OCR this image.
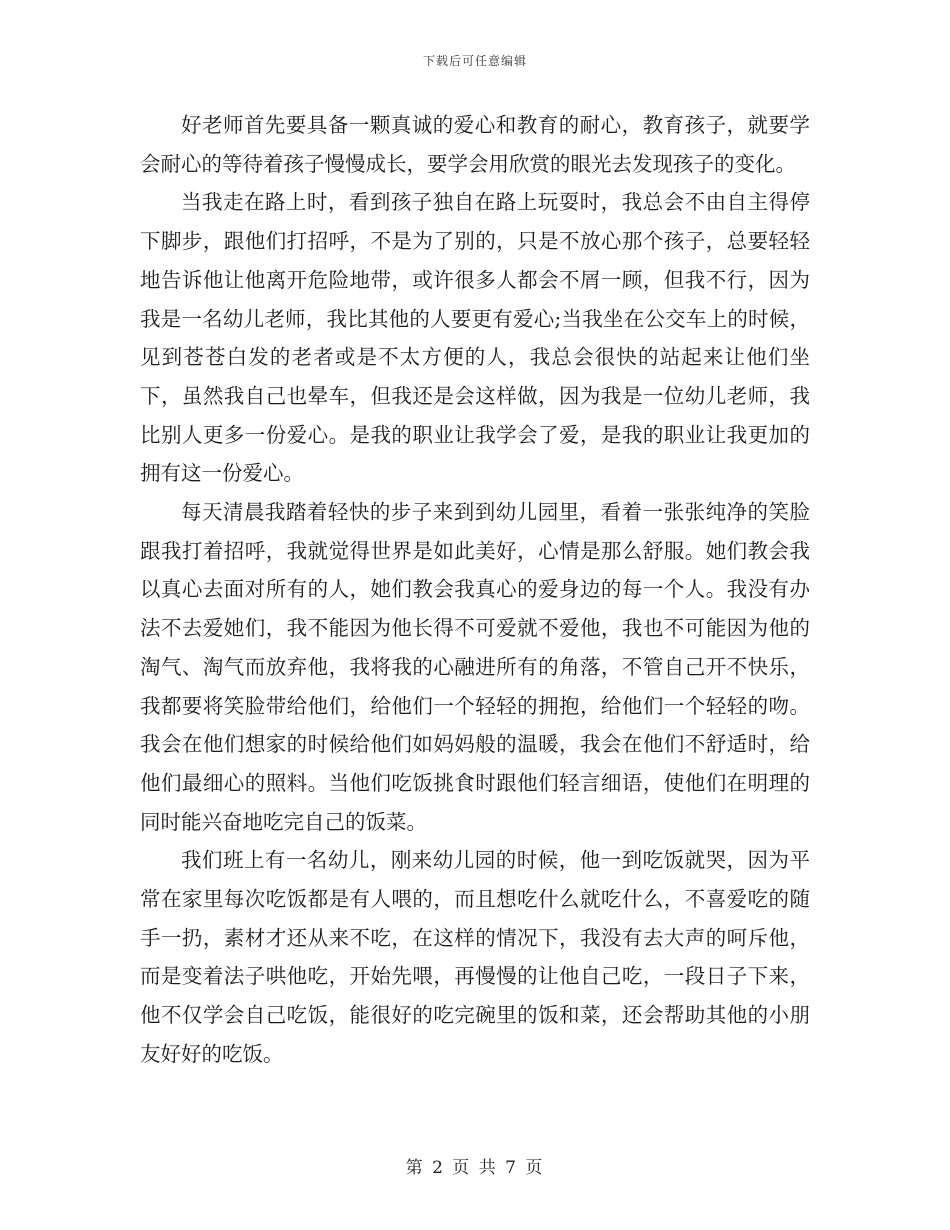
下载后可任意编辑

好老师首先要具备一颗真诚的爱心和教育的耐心，教育孩子，就要学会耐心的等待着孩子慢慢成长，要学会用欣赏的眼光去发现孩子的变化。

当我走在路上时，看到孩子独自在路上玩耍时，我总会不由自主得停下脚步，跟他们打招呼，不是为了别的，只是不放心那个孩子，总要轻轻地告诉他让他离开危险地带，或许很多人都会不屑一顾，但我不行，因为我是一名幼儿老师，我比其他的人要更有爱心;当我坐在公交车上的时候，见到苍苍白发的老者或是不太方便的人，我总会很快的站起来让他们坐下，虽然我自己也晕车，但我还是会这样做，因为我是一位幼儿老师，我比别人更多一份爱心。是我的职业让我学会了爱，是我的职业让我更加的拥有这一份爱心。

每天清晨我踏着轻快的步子来到到幼儿园里，看着一张张纯净的笑脸跟我打着招呼，我就觉得世界是如此美好，心情是那么舒服。她们教会我以真心去面对所有的人，她们教会我真心的爱身边的每一个人。我没有办法不去爱她们，我不能因为他长得不可爱就不爱他，我也不可能因为他的淘气、淘气而放弃他，我将我的心融进所有的角落，不管自己开不快乐，我都要将笑脸带给他们，给他们一个轻轻的拥抱，给他们一个轻轻的吻。我会在他们想家的时候给他们如妈妈般的温暖，我会在他们不舒适时，给他们最细心的照料。当他们吃饭挑食时跟他们轻言细语，使他们在明理的同时能兴奋地吃完自己的饭菜。

我们班上有一名幼儿，刚来幼儿园的时候，他一到吃饭就哭，因为平常在家里每次吃饭都是有人喂的，而且想吃什么就吃什么，不喜爱吃的随手一扔，素材才还从来不吃，在这样的情况下，我没有去大声的呵斥他，而是变着法子哄他吃，开始先喂，再慢慢的让他自己吃，一段日子下来，他不仅学会自己吃饭，能很好的吃完碗里的饭和菜，还会帮助其他的小朋友好好的吃饭。

第 2 页 共 7 页
